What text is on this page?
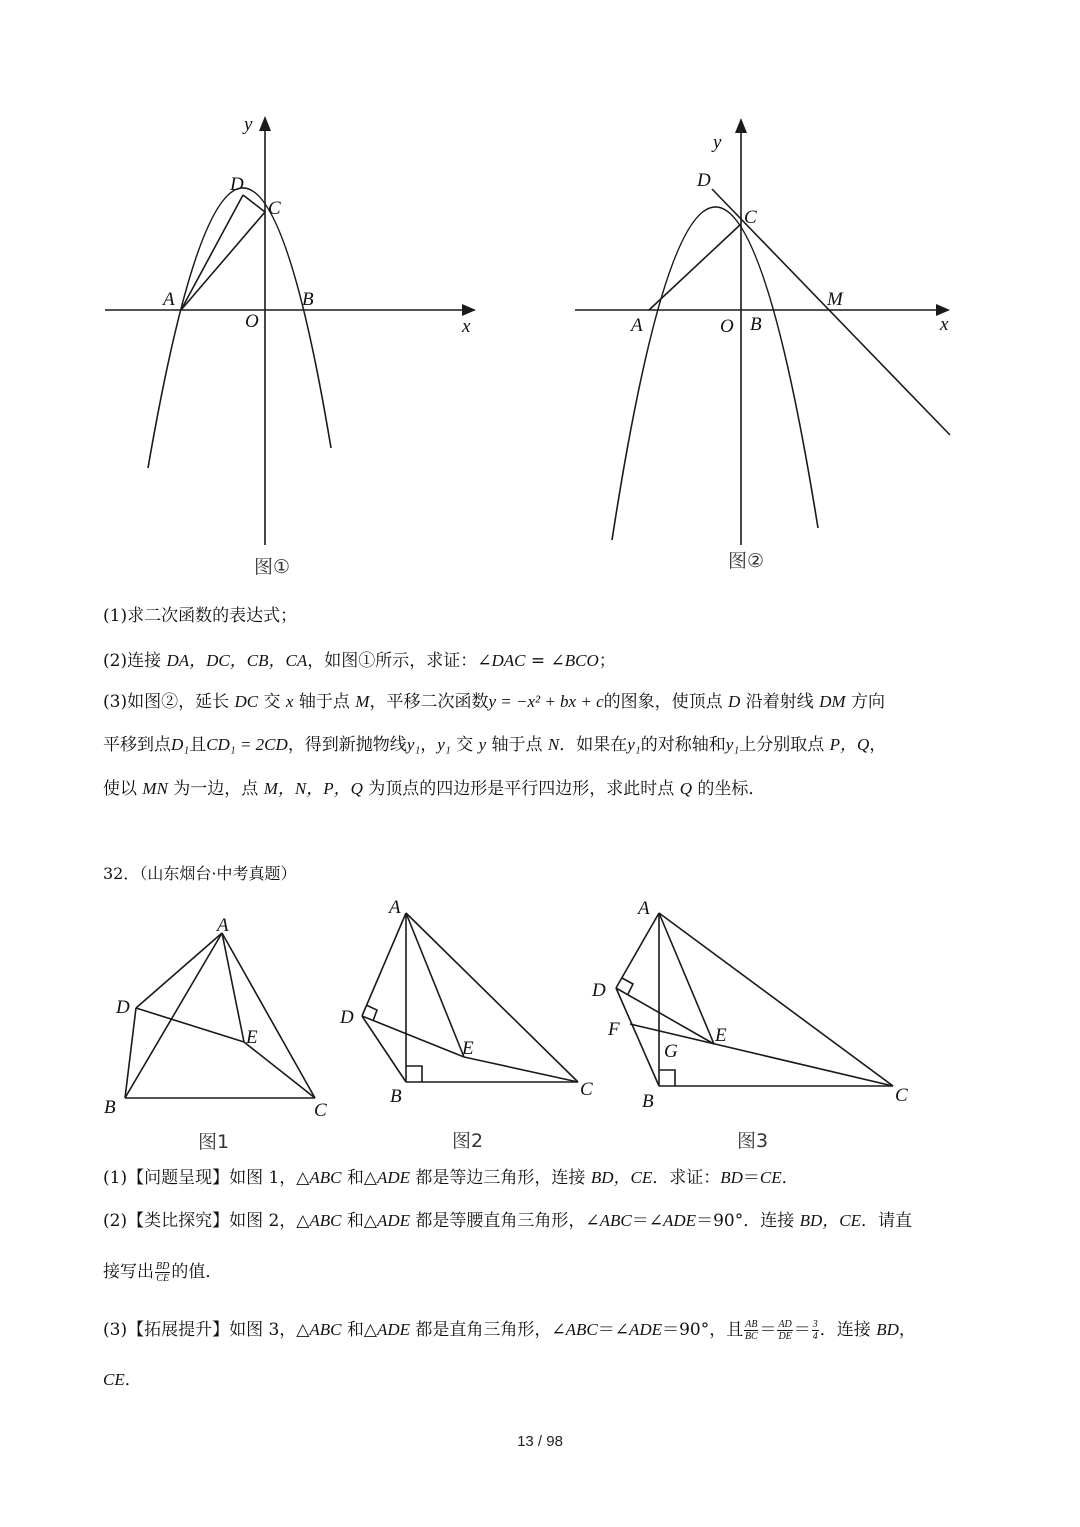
y
D
C
A	B
O	x
图①
y
D
C
M
A	O B	x
图②
A
D
E
B	C
图1
A
D
E
B	C
图2
A
D
F	E
G
B	C
图3

(1)求二次函数的表达式；

(2)连接 DA，DC，CB，CA，如图①所示，求证：∠DAC = ∠BCO；

(3)如图②，延长 DC 交 x 轴于点 M，平移二次函数y = −x² + bx + c的图象，使顶点 D 沿着射线 DM 方向

平移到点D₁且CD₁ = 2CD，得到新抛物线y₁，y₁ 交 y 轴于点 N．如果在y₁的对称轴和y₁上分别取点 P，Q，

使以 MN 为一边，点 M，N，P，Q 为顶点的四边形是平行四边形，求此时点 Q 的坐标．

32．（山东烟台·中考真题）

(1)【问题呈现】如图 1，△ABC 和△ADE 都是等边三角形，连接 BD，CE．求证：BD＝CE．

(2)【类比探究】如图 2，△ABC 和△ADE 都是等腰直角三角形，∠ABC＝∠ADE＝90°．连接 BD，CE．请直

接写出 $\frac{BD}{CE}$ 的值．

(3)【拓展提升】如图 3，△ABC 和△ADE 都是直角三角形，∠ABC＝∠ADE＝90°，且 $\frac{AB}{BC} = \frac{AD}{DE} = \frac{3}{4}$ ．连接 BD，

CE．

13 / 98
